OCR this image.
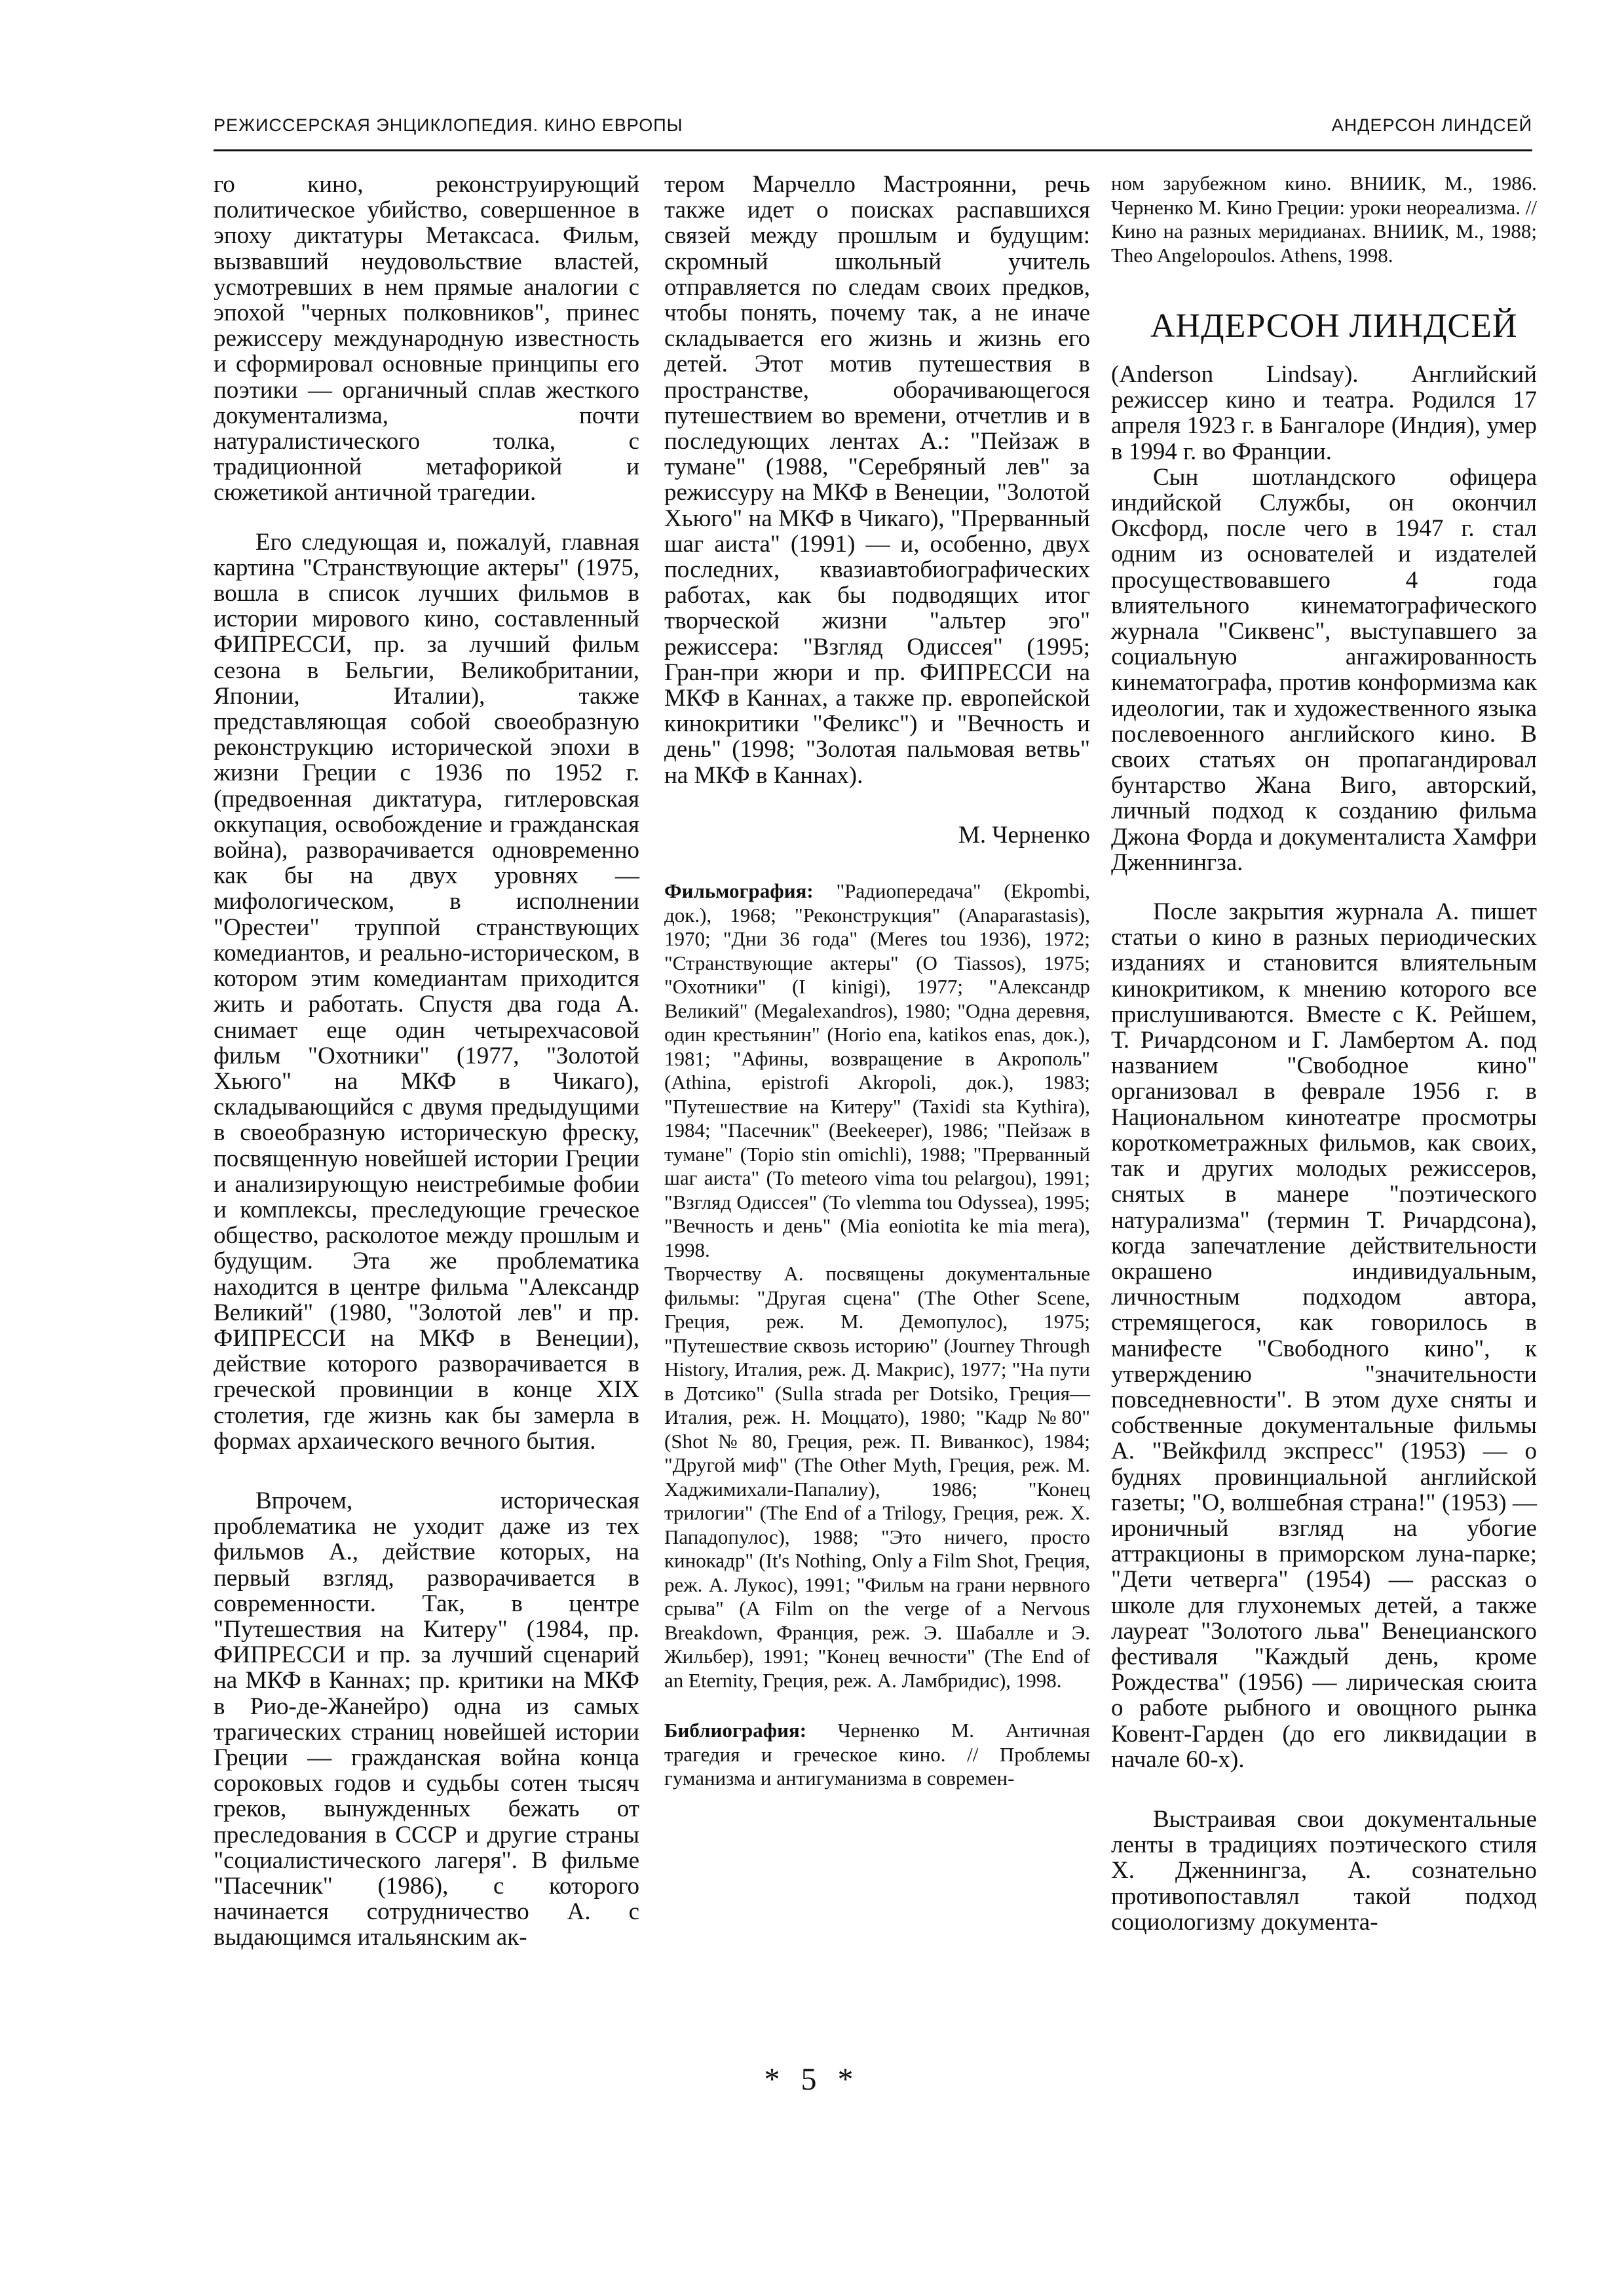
РЕЖИССЕРСКАЯ ЭНЦИКЛОПЕДИЯ. КИНО ЕВРОПЫ	АНДЕРСОН ЛИНДСЕЙ

го кино, реконструирующий политическое убийство, совершенное в эпоху диктатуры Метаксаса. Фильм, вызвавший неудовольствие властей, усмотревших в нем прямые аналогии с эпохой "черных полковников", принес режиссеру международную известность и сформировал основные принципы его поэтики — органичный сплав жесткого документализма, почти натуралистического толка, с традиционной метафорикой и сюжетикой античной трагедии.

Его следующая и, пожалуй, главная картина "Странствующие актеры" (1975, вошла в список лучших фильмов в истории мирового кино, составленный ФИПРЕССИ, пр. за лучший фильм сезона в Бельгии, Великобритании, Японии, Италии), также представляющая собой своеобразную реконструкцию исторической эпохи в жизни Греции с 1936 по 1952 г. (предвоенная диктатура, гитлеровская оккупация, освобождение и гражданская война), разворачивается одновременно как бы на двух уровнях — мифологическом, в исполнении "Орестеи" труппой странствующих комедиантов, и реально-историческом, в котором этим комедиантам приходится жить и работать. Спустя два года А. снимает еще один четырехчасовой фильм "Охотники" (1977, "Золотой Хьюго" на МКФ в Чикаго), складывающийся с двумя предыдущими в своеобразную историческую фреску, посвященную новейшей истории Греции и анализирующую неистребимые фобии и комплексы, преследующие греческое общество, расколотое между прошлым и будущим. Эта же проблематика находится в центре фильма "Александр Великий" (1980, "Золотой лев" и пр. ФИПРЕССИ на МКФ в Венеции), действие которого разворачивается в греческой провинции в конце XIX столетия, где жизнь как бы замерла в формах архаического вечного бытия.

Впрочем, историческая проблематика не уходит даже из тех фильмов А., действие которых, на первый взгляд, разворачивается в современности. Так, в центре "Путешествия на Китеру" (1984, пр. ФИПРЕССИ и пр. за лучший сценарий на МКФ в Каннах; пр. критики на МКФ в Рио-де-Жанейро) одна из самых трагических страниц новейшей истории Греции — гражданская война конца сороковых годов и судьбы сотен тысяч греков, вынужденных бежать от преследования в СССР и другие страны "социалистического лагеря". В фильме "Пасечник" (1986), с которого начинается сотрудничество А. с выдающимся итальянским ак-

тером Марчелло Мастроянни, речь также идет о поисках распавшихся связей между прошлым и будущим: скромный школьный учитель отправляется по следам своих предков, чтобы понять, почему так, а не иначе складывается его жизнь и жизнь его детей. Этот мотив путешествия в пространстве, оборачивающегося путешествием во времени, отчетлив и в последующих лентах А.: "Пейзаж в тумане" (1988, "Серебряный лев" за режиссуру на МКФ в Венеции, "Золотой Хьюго" на МКФ в Чикаго), "Прерванный шаг аиста" (1991) — и, особенно, двух последних, квазиавтобиографических работах, как бы подводящих итог творческой жизни "альтер эго" режиссера: "Взгляд Одиссея" (1995; Гран-при жюри и пр. ФИПРЕССИ на МКФ в Каннах, а также пр. европейской кинокритики "Феликс") и "Вечность и день" (1998; "Золотая пальмовая ветвь" на МКФ в Каннах).

М. Черненко

Фильмография: "Радиопередача" (Ekpombi, док.), 1968; "Реконструкция" (Anaparastasis), 1970; "Дни 36 года" (Meres tou 1936), 1972; "Странствующие актеры" (O Tiassos), 1975; "Охотники" (I kinigi), 1977; "Александр Великий" (Megalexandros), 1980; "Одна деревня, один крестьянин" (Horio ena, katikos enas, док.), 1981; "Афины, возвращение в Акрополь" (Athina, epistrofi Akropoli, док.), 1983; "Путешествие на Китеру" (Taxidi sta Kythira), 1984; "Пасечник" (Beekeeper), 1986; "Пейзаж в тумане" (Topio stin omichli), 1988; "Прерванный шаг аиста" (To meteoro vima tou pelargou), 1991; "Взгляд Одиссея" (To vlemma tou Odyssea), 1995; "Вечность и день" (Mia eoniotita ke mia mera), 1998.

Творчеству А. посвящены документальные фильмы: "Другая сцена" (The Other Scene, Греция, реж. М. Демопулос), 1975; "Путешествие сквозь историю" (Journey Through History, Италия, реж. Д. Макрис), 1977; "На пути в Дотсико" (Sulla strada per Dotsiko, Греция—Италия, реж. Н. Моццато), 1980; "Кадр №80" (Shot № 80, Греция, реж. П. Виванкос), 1984; "Другой миф" (The Other Myth, Греция, реж. М. Хаджимихали-Папалиу), 1986; "Конец трилогии" (The End of a Trilogy, Греция, реж. Х. Пападопулос), 1988; "Это ничего, просто кинокадр" (It's Nothing, Only a Film Shot, Греция, реж. А. Лукос), 1991; "Фильм на грани нервного срыва" (A Film on the verge of a Nervous Breakdown, Франция, реж. Э. Шабалле и Э. Жильбер), 1991; "Конец вечности" (The End of an Eternity, Греция, реж. А. Ламбридис), 1998.

Библиография: Черненко М. Античная трагедия и греческое кино. // Проблемы гуманизма и антигуманизма в современ-

ном зарубежном кино. ВНИИК, М., 1986. Черненко М. Кино Греции: уроки неореализма. // Кино на разных меридианах. ВНИИК, М., 1988; Theo Angelopoulos. Athens, 1998.

АНДЕРСОН ЛИНДСЕЙ

(Anderson Lindsay). Английский режиссер кино и театра. Родился 17 апреля 1923 г. в Бангалоре (Индия), умер в 1994 г. во Франции.

Сын шотландского офицера индийской Службы, он окончил Оксфорд, после чего в 1947 г. стал одним из основателей и издателей просуществовавшего 4 года влиятельного кинематографического журнала "Сиквенс", выступавшего за социальную ангажированность кинематографа, против конформизма как идеологии, так и художественного языка послевоенного английского кино. В своих статьях он пропагандировал бунтарство Жана Виго, авторский, личный подход к созданию фильма Джона Форда и документалиста Хамфри Дженнингза.

После закрытия журнала А. пишет статьи о кино в разных периодических изданиях и становится влиятельным кинокритиком, к мнению которого все прислушиваются. Вместе с К. Рейшем, Т. Ричардсоном и Г. Ламбертом А. под названием "Свободное кино" организовал в феврале 1956 г. в Национальном кинотеатре просмотры короткометражных фильмов, как своих, так и других молодых режиссеров, снятых в манере "поэтического натурализма" (термин Т. Ричардсона), когда запечатление действительности окрашено индивидуальным, личностным подходом автора, стремящегося, как говорилось в манифесте "Свободного кино", к утверждению "значительности повседневности". В этом духе сняты и собственные документальные фильмы А. "Вейкфилд экспресс" (1953) — о буднях провинциальной английской газеты; "О, волшебная страна!" (1953) — ироничный взгляд на убогие аттракционы в приморском луна-парке; "Дети четверга" (1954) — рассказ о школе для глухонемых детей, а также лауреат "Золотого льва" Венецианского фестиваля "Каждый день, кроме Рождества" (1956) — лирическая сюита о работе рыбного и овощного рынка Ковент-Гарден (до его ликвидации в начале 60-х).

Выстраивая свои документальные ленты в традициях поэтического стиля Х. Дженнингза, А. сознательно противопоставлял такой подход социологизму документа-

* 5 *
